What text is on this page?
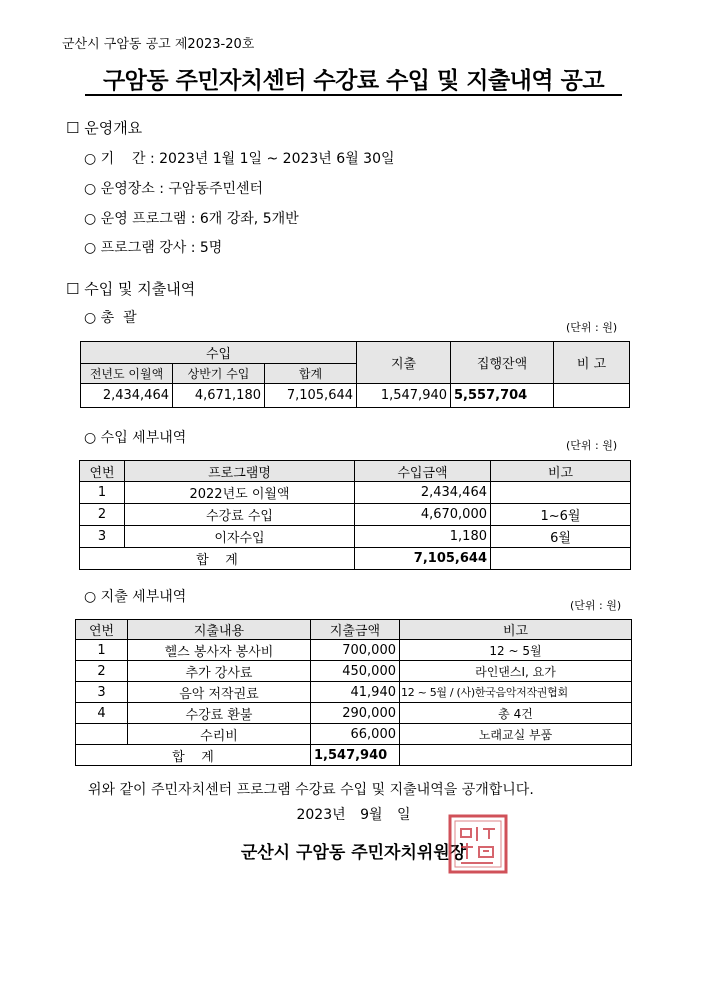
군산시 구암동 공고 제2023-20호
구암동 주민자치센터 수강료 수입 및 지출내역 공고
☐ 운영개요
○ 기    간 : 2023년 1월 1일 ~ 2023년 6월 30일
○ 운영장소 : 구암동주민센터
○ 운영 프로그램 : 6개 강좌, 5개반
○ 프로그램 강사 : 5명
☐ 수입 및 지출내역
○ 총  괄
(단위 : 원)
수입			지출	집행잔액	비 고
전년도 이월액	상반기 수입	합계			
2,434,464	4,671,180	7,105,644	1,547,940	5,557,704	
○ 수입 세부내역	(단위 : 원)
연번	프로그램명	수입금액	비고
1	2022년도 이월액	2,434,464	
2	수강료 수입	4,670,000	1~6월
3	이자수입	1,180	6월
합    계		7,105,644	
○ 지출 세부내역
(단위 : 원)
연번	지출내용	지출금액	비고
1	헬스 봉사자 봉사비	700,000	12 ~ 5월
2	추가 강사료	450,000	라인댄스Ⅰ, 요가
3	음악 저작권료	41,940	12 ~ 5월 / (사)한국음악저작권협회
4	수강료 환불	290,000	총 4건
	수리비	66,000	노래교실 부품
합    계		1,547,940	
위와 같이 주민자치센터 프로그램 수강료 수입 및 지출내역을 공개합니다.
2023년 9월 일
군산시 구암동 주민자치위원장
